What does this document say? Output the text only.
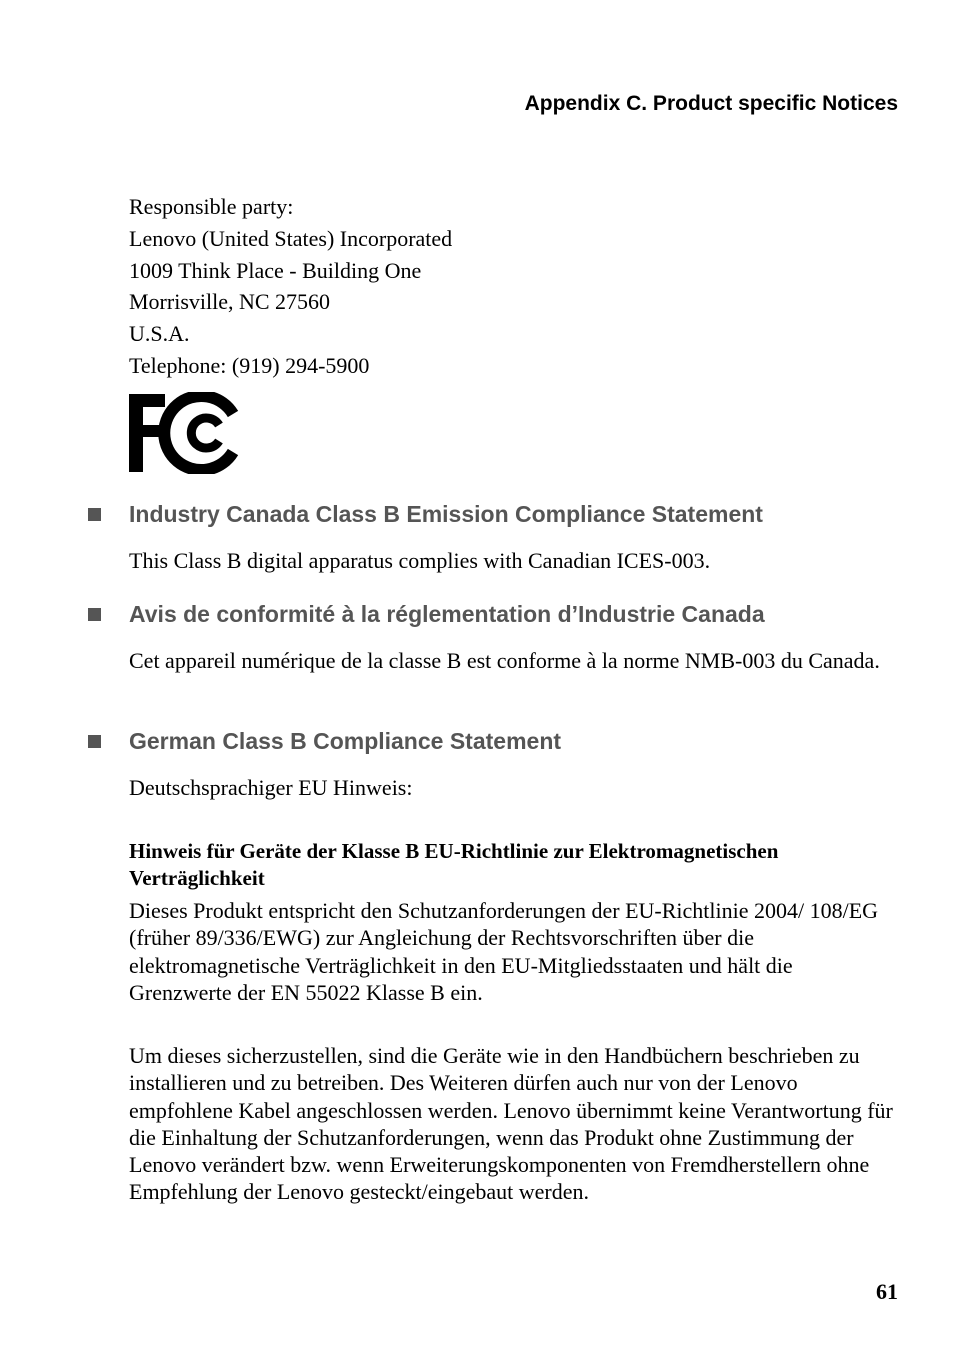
Appendix C. Product specific Notices
Responsible party:
Lenovo (United States) Incorporated
1009 Think Place - Building One
Morrisville, NC 27560
U.S.A.
Telephone: (919) 294-5900
Industry Canada Class B Emission Compliance Statement
This Class B digital apparatus complies with Canadian ICES-003.
Avis de conformité à la réglementation d’Industrie Canada
Cet appareil numérique de la classe B est conforme à la norme NMB-003 du Canada.
German Class B Compliance Statement
Deutschsprachiger EU Hinweis:
Hinweis für Geräte der Klasse B EU-Richtlinie zur Elektromagnetischen Verträglichkeit
Dieses Produkt entspricht den Schutzanforderungen der EU-Richtlinie 2004/ 108/EG (früher 89/336/EWG) zur Angleichung der Rechtsvorschriften über die elektromagnetische Verträglichkeit in den EU-Mitgliedsstaaten und hält die Grenzwerte der EN 55022 Klasse B ein.
Um dieses sicherzustellen, sind die Geräte wie in den Handbüchern beschrieben zu installieren und zu betreiben. Des Weiteren dürfen auch nur von der Lenovo empfohlene Kabel angeschlossen werden. Lenovo übernimmt keine Verantwortung für die Einhaltung der Schutzanforderungen, wenn das Produkt ohne Zustimmung der Lenovo verändert bzw. wenn Erweiterungskomponenten von Fremdherstellern ohne Empfehlung der Lenovo gesteckt/eingebaut werden.
61
